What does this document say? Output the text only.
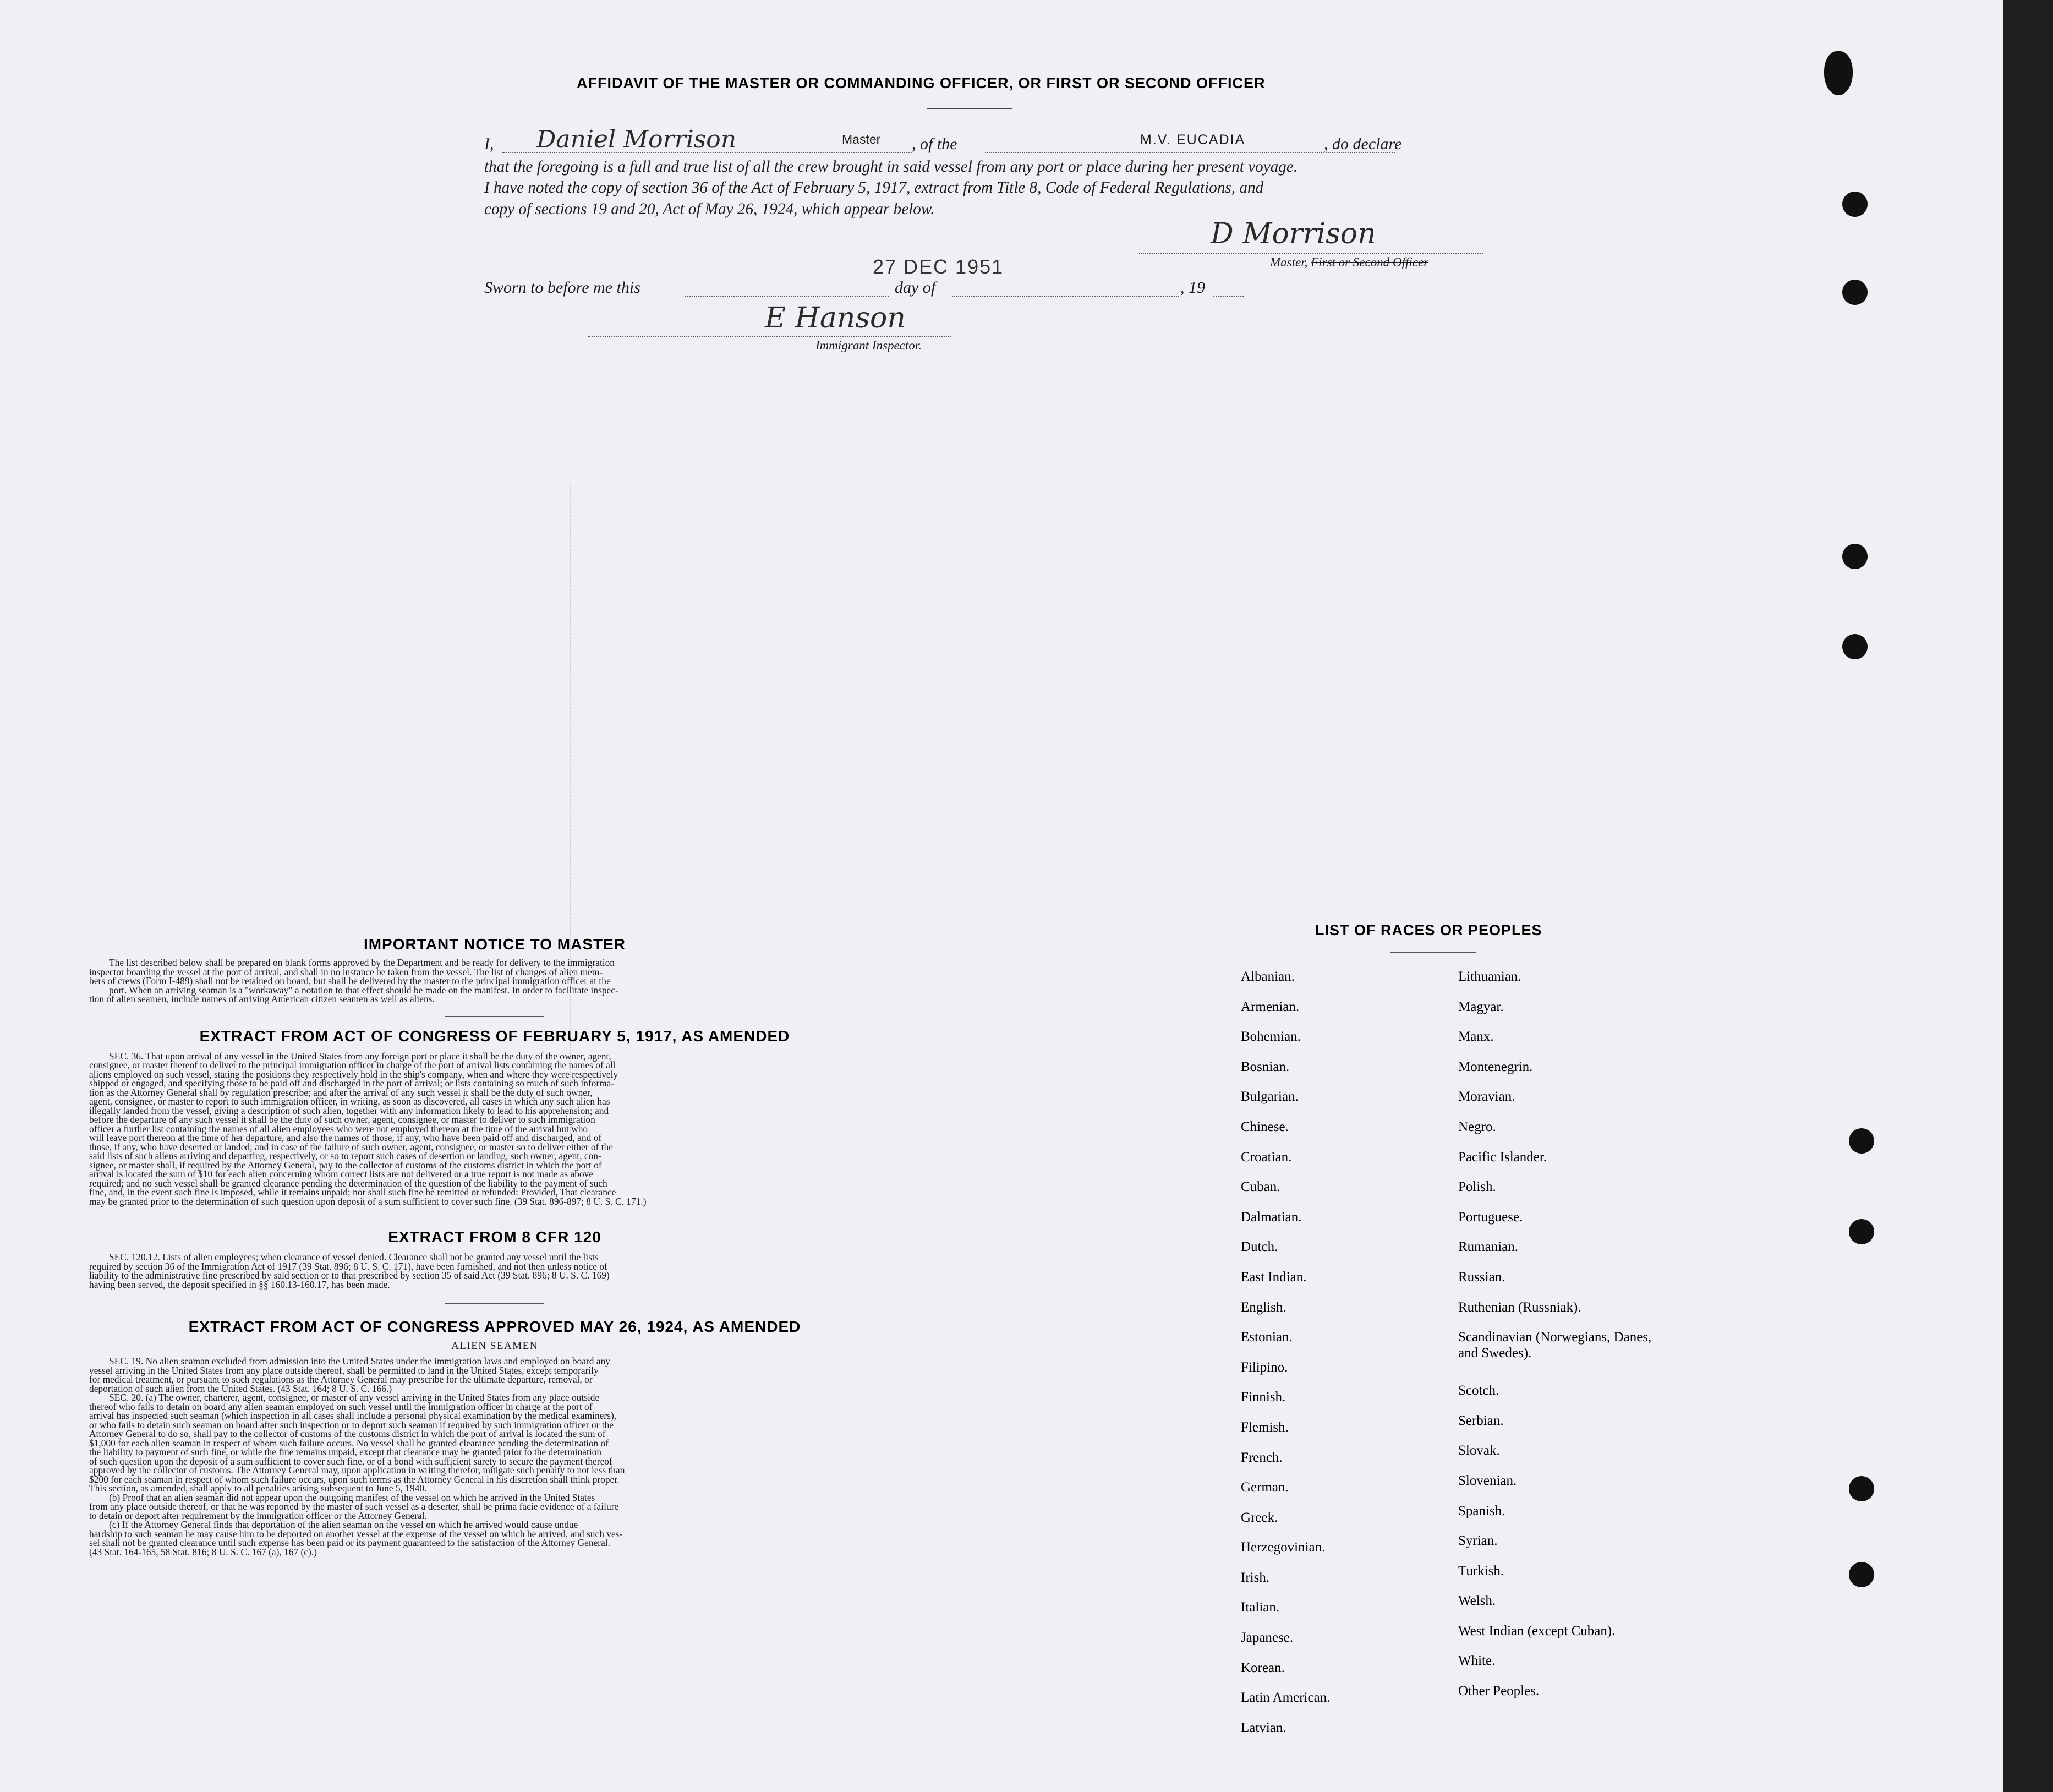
AFFIDAVIT OF THE MASTER OR COMMANDING OFFICER, OR FIRST OR SECOND OFFICER
I, Daniel Morrison	Master , of the	M.V. EUCADIA	, do declare
that the foregoing is a full and true list of all the crew brought in said vessel from any port or place during her present voyage.
I have noted the copy of section 36 of the Act of February 5, 1917, extract from Title 8, Code of Federal Regulations, and
copy of sections 19 and 20, Act of May 26, 1924, which appear below.
D Morrison
Master, First or Second Officer
27 DEC 1951
Sworn to before me this	day of	, 19
E Hanson
Immigrant Inspector.
IMPORTANT NOTICE TO MASTER

The list described below shall be prepared on blank forms approved by the Department and be ready for delivery to the immigration

inspector boarding the vessel at the port of arrival, and shall in no instance be taken from the vessel. The list of changes of alien mem-

bers of crews (Form I-489) shall not be retained on board, but shall be delivered by the master to the principal immigration officer at the

port. When an arriving seaman is a "workaway" a notation to that effect should be made on the manifest. In order to facilitate inspec-

tion of alien seamen, include names of arriving American citizen seamen as well as aliens.

EXTRACT FROM ACT OF CONGRESS OF FEBRUARY 5, 1917, AS AMENDED

SEC. 36. That upon arrival of any vessel in the United States from any foreign port or place it shall be the duty of the owner, agent,

consignee, or master thereof to deliver to the principal immigration officer in charge of the port of arrival lists containing the names of all

aliens employed on such vessel, stating the positions they respectively hold in the ship's company, when and where they were respectively

shipped or engaged, and specifying those to be paid off and discharged in the port of arrival; or lists containing so much of such informa-

tion as the Attorney General shall by regulation prescribe; and after the arrival of any such vessel it shall be the duty of such owner,

agent, consignee, or master to report to such immigration officer, in writing, as soon as discovered, all cases in which any such alien has

illegally landed from the vessel, giving a description of such alien, together with any information likely to lead to his apprehension; and

before the departure of any such vessel it shall be the duty of such owner, agent, consignee, or master to deliver to such immigration

officer a further list containing the names of all alien employees who were not employed thereon at the time of the arrival but who

will leave port thereon at the time of her departure, and also the names of those, if any, who have been paid off and discharged, and of

those, if any, who have deserted or landed; and in case of the failure of such owner, agent, consignee, or master so to deliver either of the

said lists of such aliens arriving and departing, respectively, or so to report such cases of desertion or landing, such owner, agent, con-

signee, or master shall, if required by the Attorney General, pay to the collector of customs of the customs district in which the port of

arrival is located the sum of $10 for each alien concerning whom correct lists are not delivered or a true report is not made as above

required; and no such vessel shall be granted clearance pending the determination of the question of the liability to the payment of such

fine, and, in the event such fine is imposed, while it remains unpaid; nor shall such fine be remitted or refunded: Provided, That clearance

may be granted prior to the determination of such question upon deposit of a sum sufficient to cover such fine. (39 Stat. 896-897; 8 U. S. C. 171.)

EXTRACT FROM 8 CFR 120

SEC. 120.12. Lists of alien employees; when clearance of vessel denied. Clearance shall not be granted any vessel until the lists

required by section 36 of the Immigration Act of 1917 (39 Stat. 896; 8 U. S. C. 171), have been furnished, and not then unless notice of

liability to the administrative fine prescribed by said section or to that prescribed by section 35 of said Act (39 Stat. 896; 8 U. S. C. 169)

having been served, the deposit specified in §§ 160.13-160.17, has been made.

EXTRACT FROM ACT OF CONGRESS APPROVED MAY 26, 1924, AS AMENDED
ALIEN SEAMEN

SEC. 19. No alien seaman excluded from admission into the United States under the immigration laws and employed on board any

vessel arriving in the United States from any place outside thereof, shall be permitted to land in the United States, except temporarily

for medical treatment, or pursuant to such regulations as the Attorney General may prescribe for the ultimate departure, removal, or

deportation of such alien from the United States. (43 Stat. 164; 8 U. S. C. 166.)

SEC. 20. (a) The owner, charterer, agent, consignee, or master of any vessel arriving in the United States from any place outside

thereof who fails to detain on board any alien seaman employed on such vessel until the immigration officer in charge at the port of

arrival has inspected such seaman (which inspection in all cases shall include a personal physical examination by the medical examiners),

or who fails to detain such seaman on board after such inspection or to deport such seaman if required by such immigration officer or the

Attorney General to do so, shall pay to the collector of customs of the customs district in which the port of arrival is located the sum of

$1,000 for each alien seaman in respect of whom such failure occurs. No vessel shall be granted clearance pending the determination of

the liability to payment of such fine, or while the fine remains unpaid, except that clearance may be granted prior to the determination

of such question upon the deposit of a sum sufficient to cover such fine, or of a bond with sufficient surety to secure the payment thereof

approved by the collector of customs. The Attorney General may, upon application in writing therefor, mitigate such penalty to not less than

$200 for each seaman in respect of whom such failure occurs, upon such terms as the Attorney General in his discretion shall think proper.

This section, as amended, shall apply to all penalties arising subsequent to June 5, 1940.

(b) Proof that an alien seaman did not appear upon the outgoing manifest of the vessel on which he arrived in the United States

from any place outside thereof, or that he was reported by the master of such vessel as a deserter, shall be prima facie evidence of a failure

to detain or deport after requirement by the immigration officer or the Attorney General.

(c) If the Attorney General finds that deportation of the alien seaman on the vessel on which he arrived would cause undue

hardship to such seaman he may cause him to be deported on another vessel at the expense of the vessel on which he arrived, and such ves-

sel shall not be granted clearance until such expense has been paid or its payment guaranteed to the satisfaction of the Attorney General.

(43 Stat. 164-165, 58 Stat. 816; 8 U. S. C. 167 (a), 167 (c).)

LIST OF RACES OR PEOPLES
Albanian.
Armenian.
Bohemian.
Bosnian.
Bulgarian.
Chinese.
Croatian.
Cuban.
Dalmatian.
Dutch.
East Indian.
English.
Estonian.
Filipino.
Finnish.
Flemish.
French.
German.
Greek.
Herzegovinian.
Irish.
Italian.
Japanese.
Korean.
Latin American.
Latvian.
Lithuanian.
Magyar.
Manx.
Montenegrin.
Moravian.
Negro.
Pacific Islander.
Polish.
Portuguese.
Rumanian.
Russian.
Ruthenian (Russniak).
Scandinavian (Norwegians, Danes, and Swedes).
Scotch.
Serbian.
Slovak.
Slovenian.
Spanish.
Syrian.
Turkish.
Welsh.
West Indian (except Cuban).
White.
Other Peoples.
